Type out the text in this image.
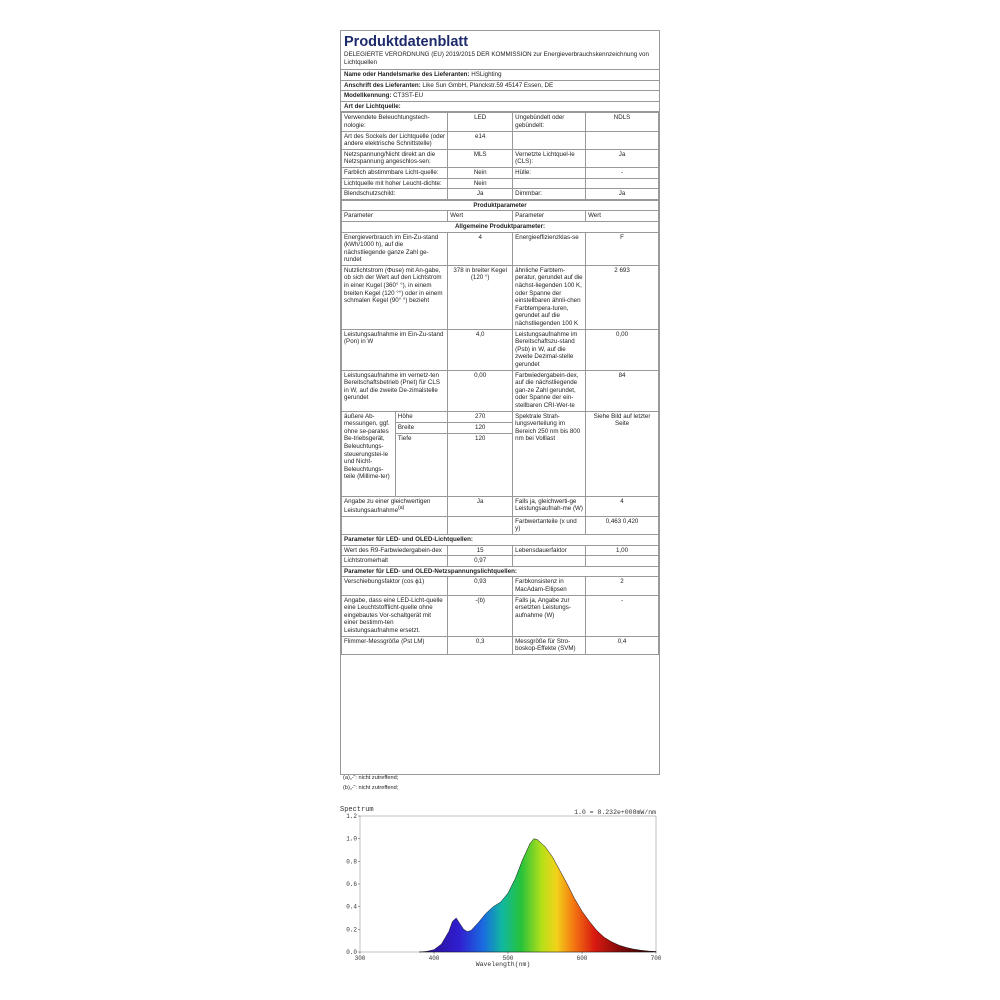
Produktdatenblatt
DELEGIERTE VERORDNUNG (EU) 2019/2015 DER KOMMISSION zur Energieverbrauchskennzeichnung von Lichtquellen
Name oder Handelsmarke des Lieferanten: HSLighting
Anschrift des Lieferanten: Like Sun GmbH, Planckstr.59 45147 Essen, DE
Modellkennung: CT3ST-EU
Art der Lichtquelle:
Verwendete Beleuchtungstech-nologie:	LED	Ungebündelt oder gebündelt:	NDLS
Art des Sockels der Lichtquelle (oder andere elektrische Schnittstelle)	e14		
Netzspannung/Nicht direkt an die Netzspannung angeschlos-sen:	MLS	Vernetzte Lichtquel-le (CLS):	Ja
Farblich abstimmbare Licht-quelle:	Nein	Hülle:	-
Lichtquelle mit hoher Leucht-dichte:	Nein		
Blendschutzschild:	Ja	Dimmbar:	Ja
Produktparameter				
Parameter		Wert	Parameter	Wert
Allgemeine Produktparameter:				
Energieverbrauch im Ein-Zu-stand (kWh/1000 h), auf die nächstliegende ganze Zahl ge-rundet		4	Energieeffizienzklas-se	F
Nutzlichtstrom (Φuse) mit An-gabe, ob sich der Wert auf den Lichtstrom in einer Kugel (360° °), in einem breiten Kegel (120 °°) oder in einem schmalen Kegel (90° °) bezieht		378 in breiter Kegel (120 °)	ähnliche Farbtem-peratur, gerundet auf die nächst-liegenden 100 K, oder Spanne der einstellbaren ähnli-chen Farbtempera-turen, gerundet auf die nächstliegenden 100 K	2 693
Leistungsaufnahme im Ein-Zu-stand (Pon) in W		4,0	Leistungsaufnahme im Bereitschaftszu-stand (Psb) in W, auf die zweite Dezimal-stelle gerundet	0,00
Leistungsaufnahme im vernetz-ten Bereitschaftsbetrieb (Pnet) für CLS in W, auf die zweite De-zimalstelle gerundet		0,00	Farbwiedergabein-dex, auf die nächstliegende gan-ze Zahl gerundet, oder Spanne der ein-stellbaren CRI-Wer-te	84
äußere Ab-messungen, ggf. ohne se-parates Be-triebsgerät, Beleuchtungs-steuerungstei-le und Nicht-Beleuchtungs-teile (Millime-ter)	Höhe	270	Spektrale Strah-lungsverteilung im Bereich 250 nm bis 800 nm bei Volllast	Siehe Bild auf letzter Seite
	Breite	120		
	Tiefe	120		
Angabe zu einer gleichwertigen Leistungsaufnahme$^{(a)}$		Ja	Falls ja, gleichwerti-ge Leistungsaufnah-me (W)	4
			Farbwertanteile (x und y)	0,463 0,420
Parameter für LED- und OLED-Lichtquellen:				
Wert des R9-Farbwiedergabein-dex		15	Lebensdauerfaktor	1,00
Lichtstromerhalt		0,97		
Parameter für LED- und OLED-Netzspannungslichtquellen:				
Verschiebungsfaktor (cos ϕ1)		0,93	Farbkonsistenz in MacAdam-Ellipsen	2
Angabe, dass eine LED-Licht-quelle eine Leuchtstofflicht-quelle ohne eingebautes Vor-schaltgerät mit einer bestimm-ten Leistungsaufnahme ersetzt.		-(b)	Falls ja, Angabe zur ersetzten Leistungs-aufnahme (W)	-
Flimmer-Messgröße (Pst LM)		0,3	Messgröße für Stro-boskop-Effekte (SVM)	0,4
(a)„-“: nicht zutreffend;
(b)„-“: nicht zutreffend;
Spectrum	1.0 = 8.232e+008mW/nm
0.0
0.2
0.4
0.6
0.8
1.0
1.2
300	400	500	600	700
Wavelength(nm)
